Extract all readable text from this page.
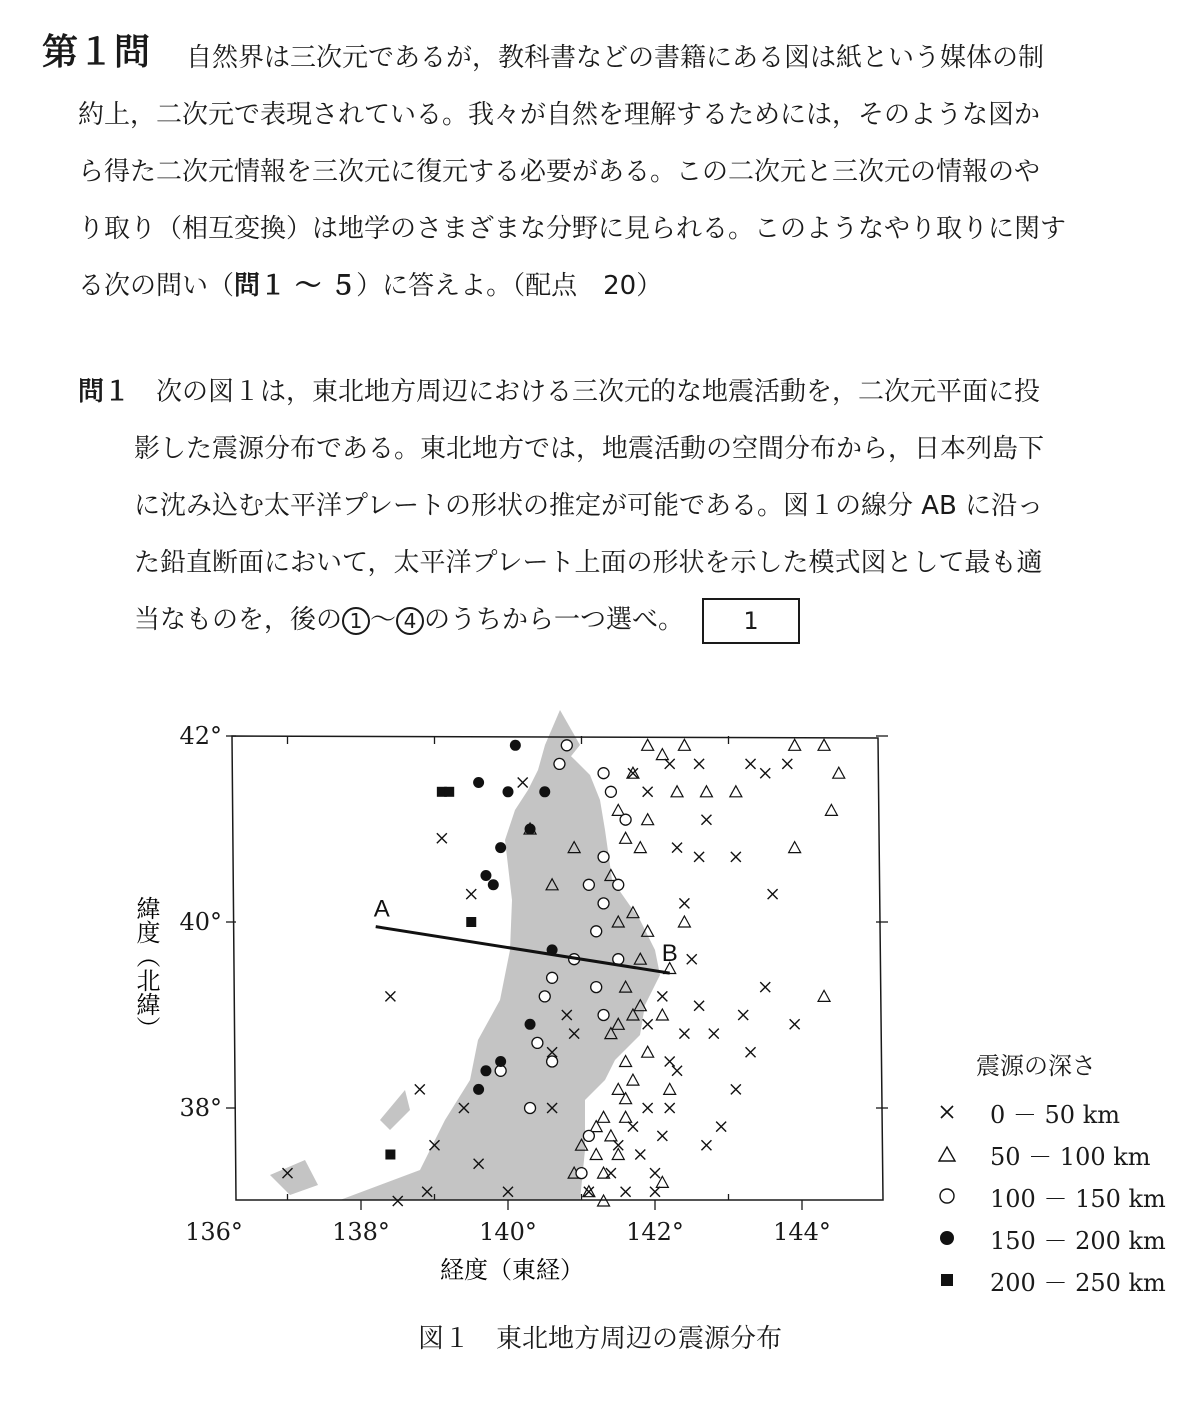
第１問	自然界は三次元であるが，教科書などの書籍にある図は紙という媒体の制
約上，二次元で表現されている。我々が自然を理解するためには，そのような図か
ら得た二次元情報を三次元に復元する必要がある。この二次元と三次元の情報のや
り取り（相互変換）は地学のさまざまな分野に見られる。このようなやり取りに関す
る次の問い（問１ ～ ５）に答えよ。（配点　20）
問１　 次の図１は，東北地方周辺における三次元的な地震活動を，二次元平面に投
影した震源分布である。東北地方では，地震活動の空間分布から，日本列島下
に沈み込む太平洋プレートの形状の推定が可能である。図１の線分 AB に沿っ
た鉛直断面において，太平洋プレート上面の形状を示した模式図として最も適
当なものを，後の 1 ～ 4 のうちから一つ選べ。 1
136°	138°	140°	142°	144°
42°
40°
38°
A
B
経度（東経）
緯度（北緯）
震源の深さ
0 － 50 km
50 － 100 km
100 － 150 km
150 － 200 km
200 － 250 km
図１　東北地方周辺の震源分布
